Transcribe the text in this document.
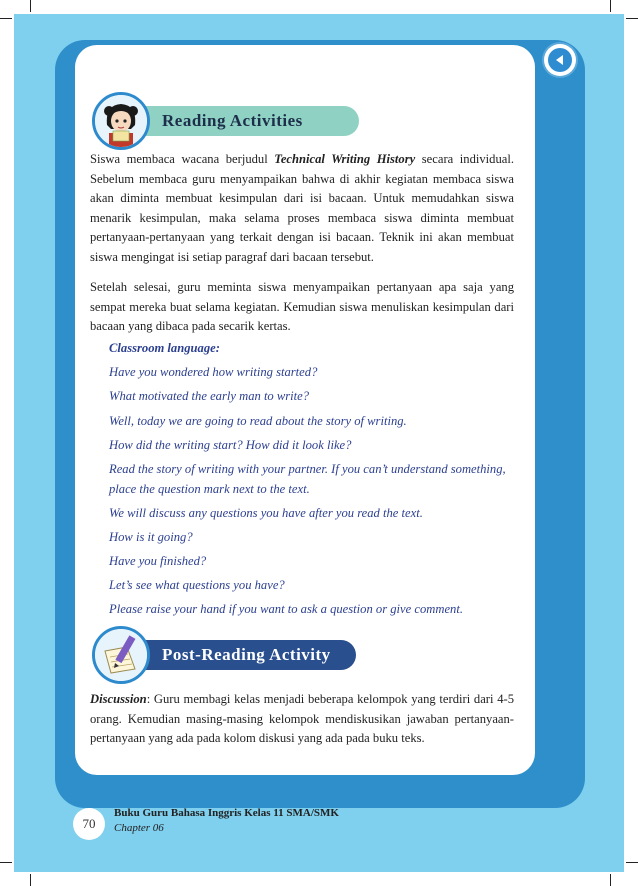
Reading Activities
Siswa membaca wacana berjudul Technical Writing History secara individual. Sebelum membaca guru menyampaikan bahwa di akhir kegiatan membaca siswa akan diminta membuat kesimpulan dari isi bacaan. Untuk memudahkan siswa menarik kesimpulan, maka selama proses membaca siswa diminta membuat pertanyaan-pertanyaan yang terkait dengan isi bacaan. Teknik ini akan membuat siswa mengingat isi setiap paragraf dari bacaan tersebut.
Setelah selesai, guru meminta siswa menyampaikan pertanyaan apa saja yang sempat mereka buat selama kegiatan. Kemudian siswa menuliskan kesimpulan dari bacaan yang dibaca pada secarik kertas.
Classroom language:
Have you wondered how writing started?
What motivated the early man to write?
Well, today we are going to read about the story of writing.
How did the writing start? How did it look like?
Read the story of writing with your partner. If you can’t understand something, place the question mark next to the text.
We will discuss any questions you have after you read the text.
How is it going?
Have you finished?
Let’s see what questions you have?
Please raise your hand if you want to ask a question or give comment.
Post-Reading Activity
Discussion: Guru membagi kelas menjadi beberapa kelompok yang terdiri dari 4-5 orang. Kemudian masing-masing kelompok mendiskusikan jawaban pertanyaan-pertanyaan yang ada pada kolom diskusi yang ada pada buku teks.
70
Buku Guru Bahasa Inggris Kelas 11 SMA/SMK
Chapter 06
